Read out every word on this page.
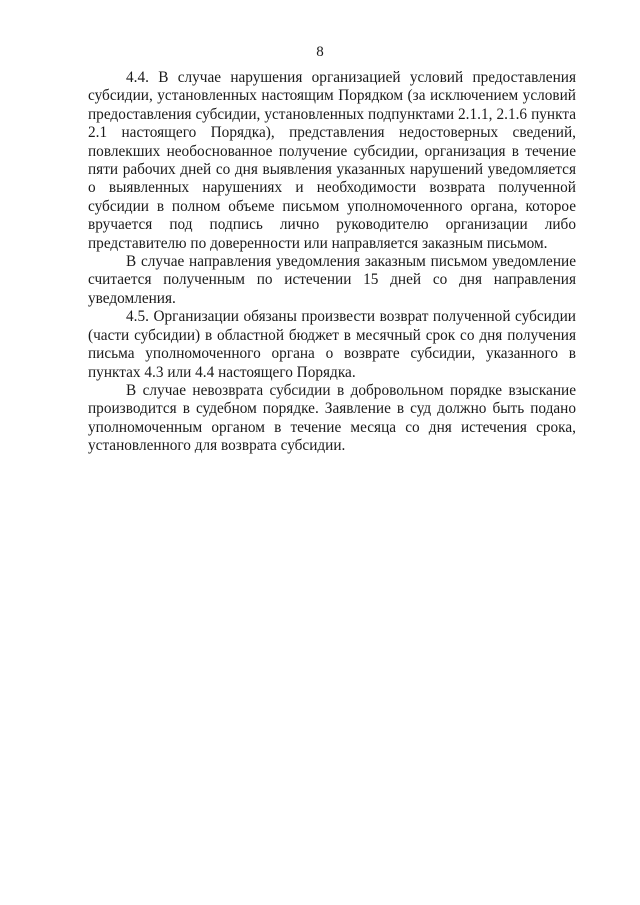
8

4.4. В случае нарушения организацией условий предоставления субсидии, установленных настоящим Порядком (за исключением условий предоставления субсидии, установленных подпунктами 2.1.1, 2.1.6 пункта 2.1 настоящего Порядка), представления недостоверных сведений, повлекших необоснованное получение субсидии, организация в течение пяти рабочих дней со дня выявления указанных нарушений уведомляется о выявленных нарушениях и необходимости возврата полученной субсидии в полном объеме письмом уполномоченного органа, которое вручается под подпись лично руководителю организации либо представителю по доверенности или направляется заказным письмом.

В случае направления уведомления заказным письмом уведомление считается полученным по истечении 15 дней со дня направления уведомления.

4.5. Организации обязаны произвести возврат полученной субсидии (части субсидии) в областной бюджет в месячный срок со дня получения письма уполномоченного органа о возврате субсидии, указанного в пунктах 4.3 или 4.4 настоящего Порядка.

В случае невозврата субсидии в добровольном порядке взыскание производится в судебном порядке. Заявление в суд должно быть подано уполномоченным органом в течение месяца со дня истечения срока, установленного для возврата субсидии.
